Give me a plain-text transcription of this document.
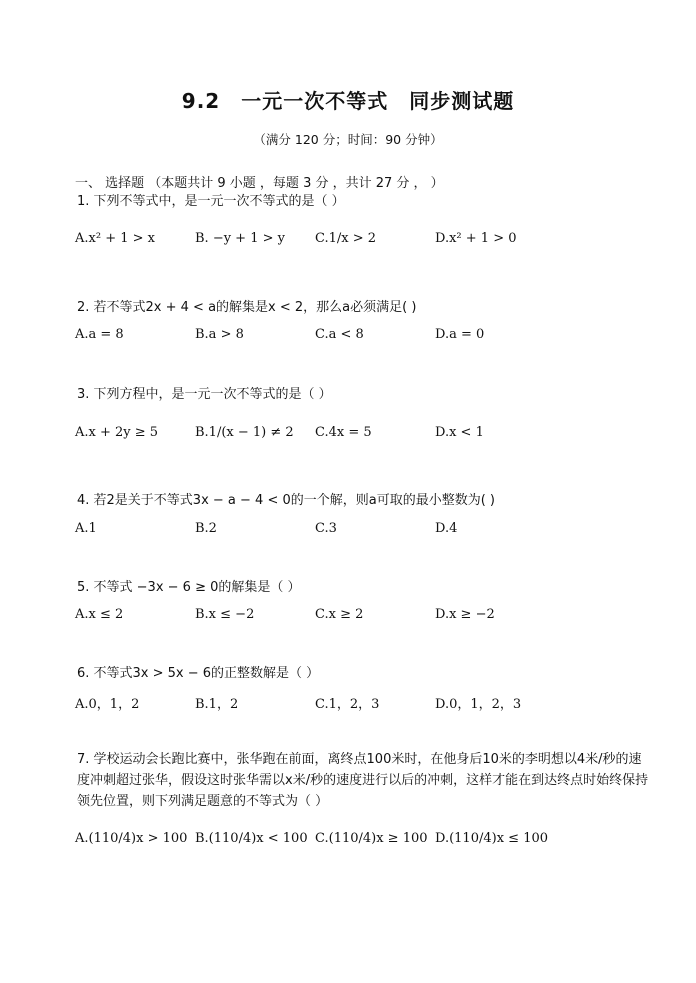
9.2　一元一次不等式　同步测试题
（满分 120 分；时间：90 分钟）
一、 选择题 （本题共计 9 小题 ，每题 3 分 ，共计 27 分 ， ）
1. 下列不等式中，是一元一次不等式的是（ ）
A.x² + 1 > x	B. −y + 1 > y C.1/x > 2	D.x² + 1 > 0
2. 若不等式2x + 4 < a的解集是x < 2，那么a必须满足( )
A.a = 8	B.a > 8	C.a < 8	D.a = 0
3. 下列方程中，是一元一次不等式的是（ ）
A.x + 2y ≥ 5	B.1/(x − 1) ≠ 2 C.4x = 5	D.x < 1
4. 若2是关于不等式3x − a − 4 < 0的一个解，则a可取的最小整数为( )
A.1	B.2	C.3	D.4
5. 不等式 −3x − 6 ≥ 0的解集是（ ）
A.x ≤ 2	B.x ≤ −2	C.x ≥ 2	D.x ≥ −2
6. 不等式3x > 5x − 6的正整数解是（ ）
A.0，1，2	B.1，2	C.1，2，3	D.0，1，2，3
7. 学校运动会长跑比赛中，张华跑在前面，离终点100米时，在他身后10米的李明想以4米/秒的速度冲刺超过张华，假设这时张华需以x米/秒的速度进行以后的冲刺，这样才能在到达终点时始终保持领先位置，则下列满足题意的不等式为（ ）
A.(110/4)x > 100 B.(110/4)x < 100 C.(110/4)x ≥ 100 D.(110/4)x ≤ 100
